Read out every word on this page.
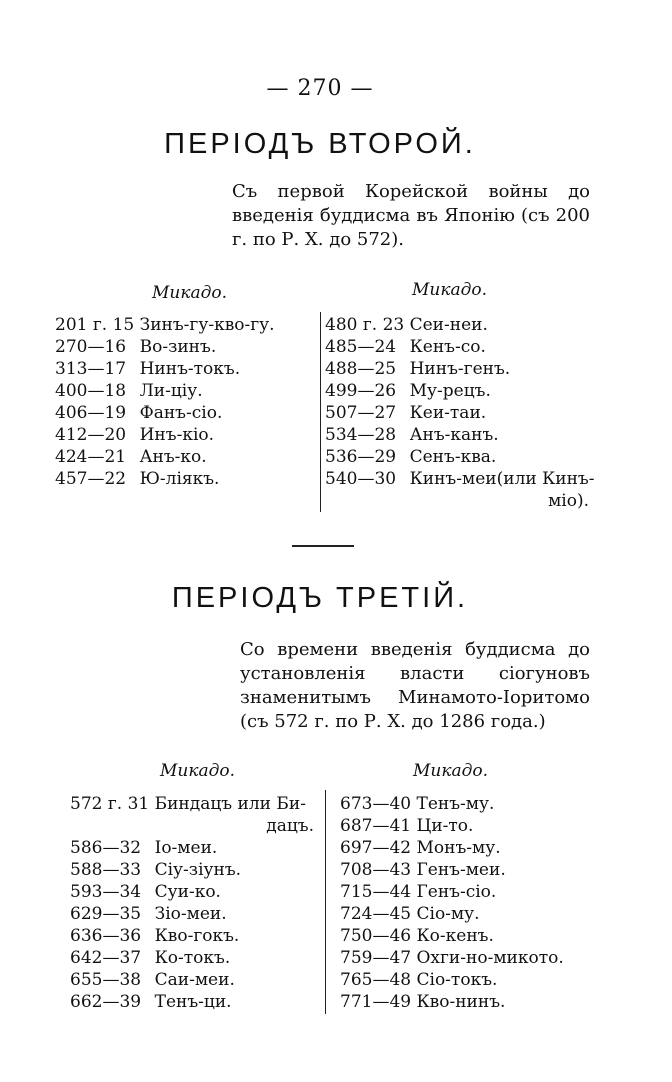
— 270 —
ПЕРІОДЪ ВТОРОЙ.

Съ первой Корейской войны до введенія буддисма въ Японію (съ 200 г. по Р. Х. до 572).

Микадо.	Микадо.
201 г. 15 Зинъ-гу-кво-гу.
270—16 Во-зинъ.
313—17 Нинъ-токъ.
400—18 Ли-ціу.
406—19 Фанъ-сіо.
412—20 Инъ-кіо.
424—21 Анъ-ко.
457—22 Ю-ліякъ.
480 г. 23 Сеи-неи.
485—24 Кенъ-со.
488—25 Нинъ-генъ.
499—26 Му-рецъ.
507—27 Кеи-таи.
534—28 Анъ-канъ.
536—29 Сенъ-ква.
540—30 Кинъ-меи(или Кинъ-
міо).
ПЕРІОДЪ ТРЕТІЙ.

Со времени введенія буддисма до установленія власти сіогуновъ знаменитымъ Минамото-Іоритомо (съ 572 г. по Р. Х. до 1286 года.)

Микадо.	Микадо.
572 г. 31 Биндацъ или Би-
дацъ.
586—32 Іо-меи.
588—33 Сіу-зіунъ.
593—34 Суи-ко.
629—35 Зіо-меи.
636—36 Кво-гокъ.
642—37 Ко-токъ.
655—38 Саи-меи.
662—39 Тенъ-ци.
673—40 Тенъ-му.
687—41 Ци-то.
697—42 Монъ-му.
708—43 Генъ-меи.
715—44 Генъ-сіо.
724—45 Сіо-му.
750—46 Ко-кенъ.
759—47 Охги-но-микото.
765—48 Сіо-токъ.
771—49 Кво-нинъ.
